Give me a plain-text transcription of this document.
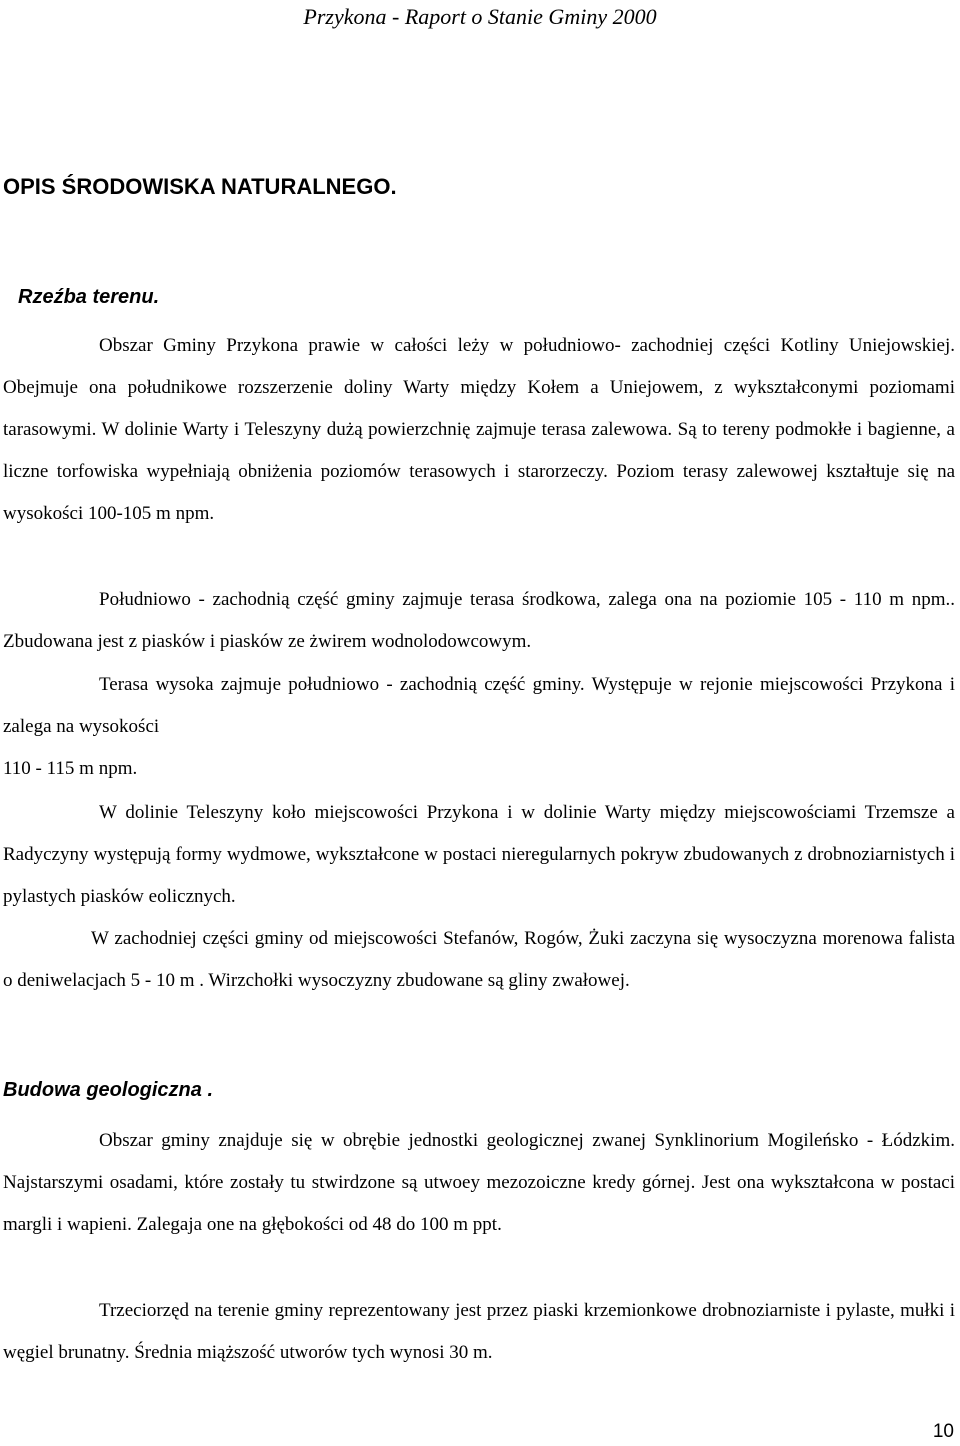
Przykona - Raport o Stanie Gminy 2000
OPIS ŚRODOWISKA NATURALNEGO.
Rzeźba terenu.

Obszar Gminy Przykona prawie w całości leży w południowo- zachodniej części Kotliny Uniejowskiej. Obejmuje ona południkowe rozszerzenie doliny Warty między Kołem a Uniejowem, z wykształconymi poziomami tarasowymi. W dolinie Warty i Teleszyny dużą powierzchnię zajmuje terasa zalewowa. Są to tereny podmokłe i bagienne, a liczne torfowiska wypełniają obniżenia poziomów terasowych i starorzeczy. Poziom terasy zalewowej kształtuje się na wysokości 100-105 m npm.

Południowo - zachodnią część gminy zajmuje terasa środkowa, zalega ona na poziomie 105 - 110 m npm.. Zbudowana jest z piasków i piasków ze żwirem wodnolodowcowym.

Terasa wysoka zajmuje południowo - zachodnią część gminy. Występuje w rejonie miejscowości Przykona i zalega na wysokości
110 - 115 m npm.

W dolinie Teleszyny koło miejscowości Przykona i w dolinie Warty między miejscowościami Trzemsze a Radyczyny występują formy wydmowe, wykształcone w postaci nieregularnych pokryw zbudowanych z drobnoziarnistych i pylastych piasków eolicznych.

W zachodniej części gminy od miejscowości Stefanów, Rogów, Żuki zaczyna się wysoczyzna morenowa falista o deniwelacjach 5 - 10 m . Wirzchołki wysoczyzny zbudowane są gliny zwałowej.

Budowa geologiczna .

Obszar gminy znajduje się w obrębie jednostki geologicznej zwanej Synklinorium Mogileńsko - Łódzkim. Najstarszymi osadami, które zostały tu stwirdzone są utwoey mezozoiczne kredy górnej. Jest ona wykształcona w postaci margli i wapieni. Zalegaja one na głębokości od 48 do 100 m ppt.

Trzeciorzęd na terenie gminy reprezentowany jest przez piaski krzemionkowe drobnoziarniste i pylaste, mułki i węgiel brunatny. Średnia miąższość utworów tych wynosi 30 m.

10
